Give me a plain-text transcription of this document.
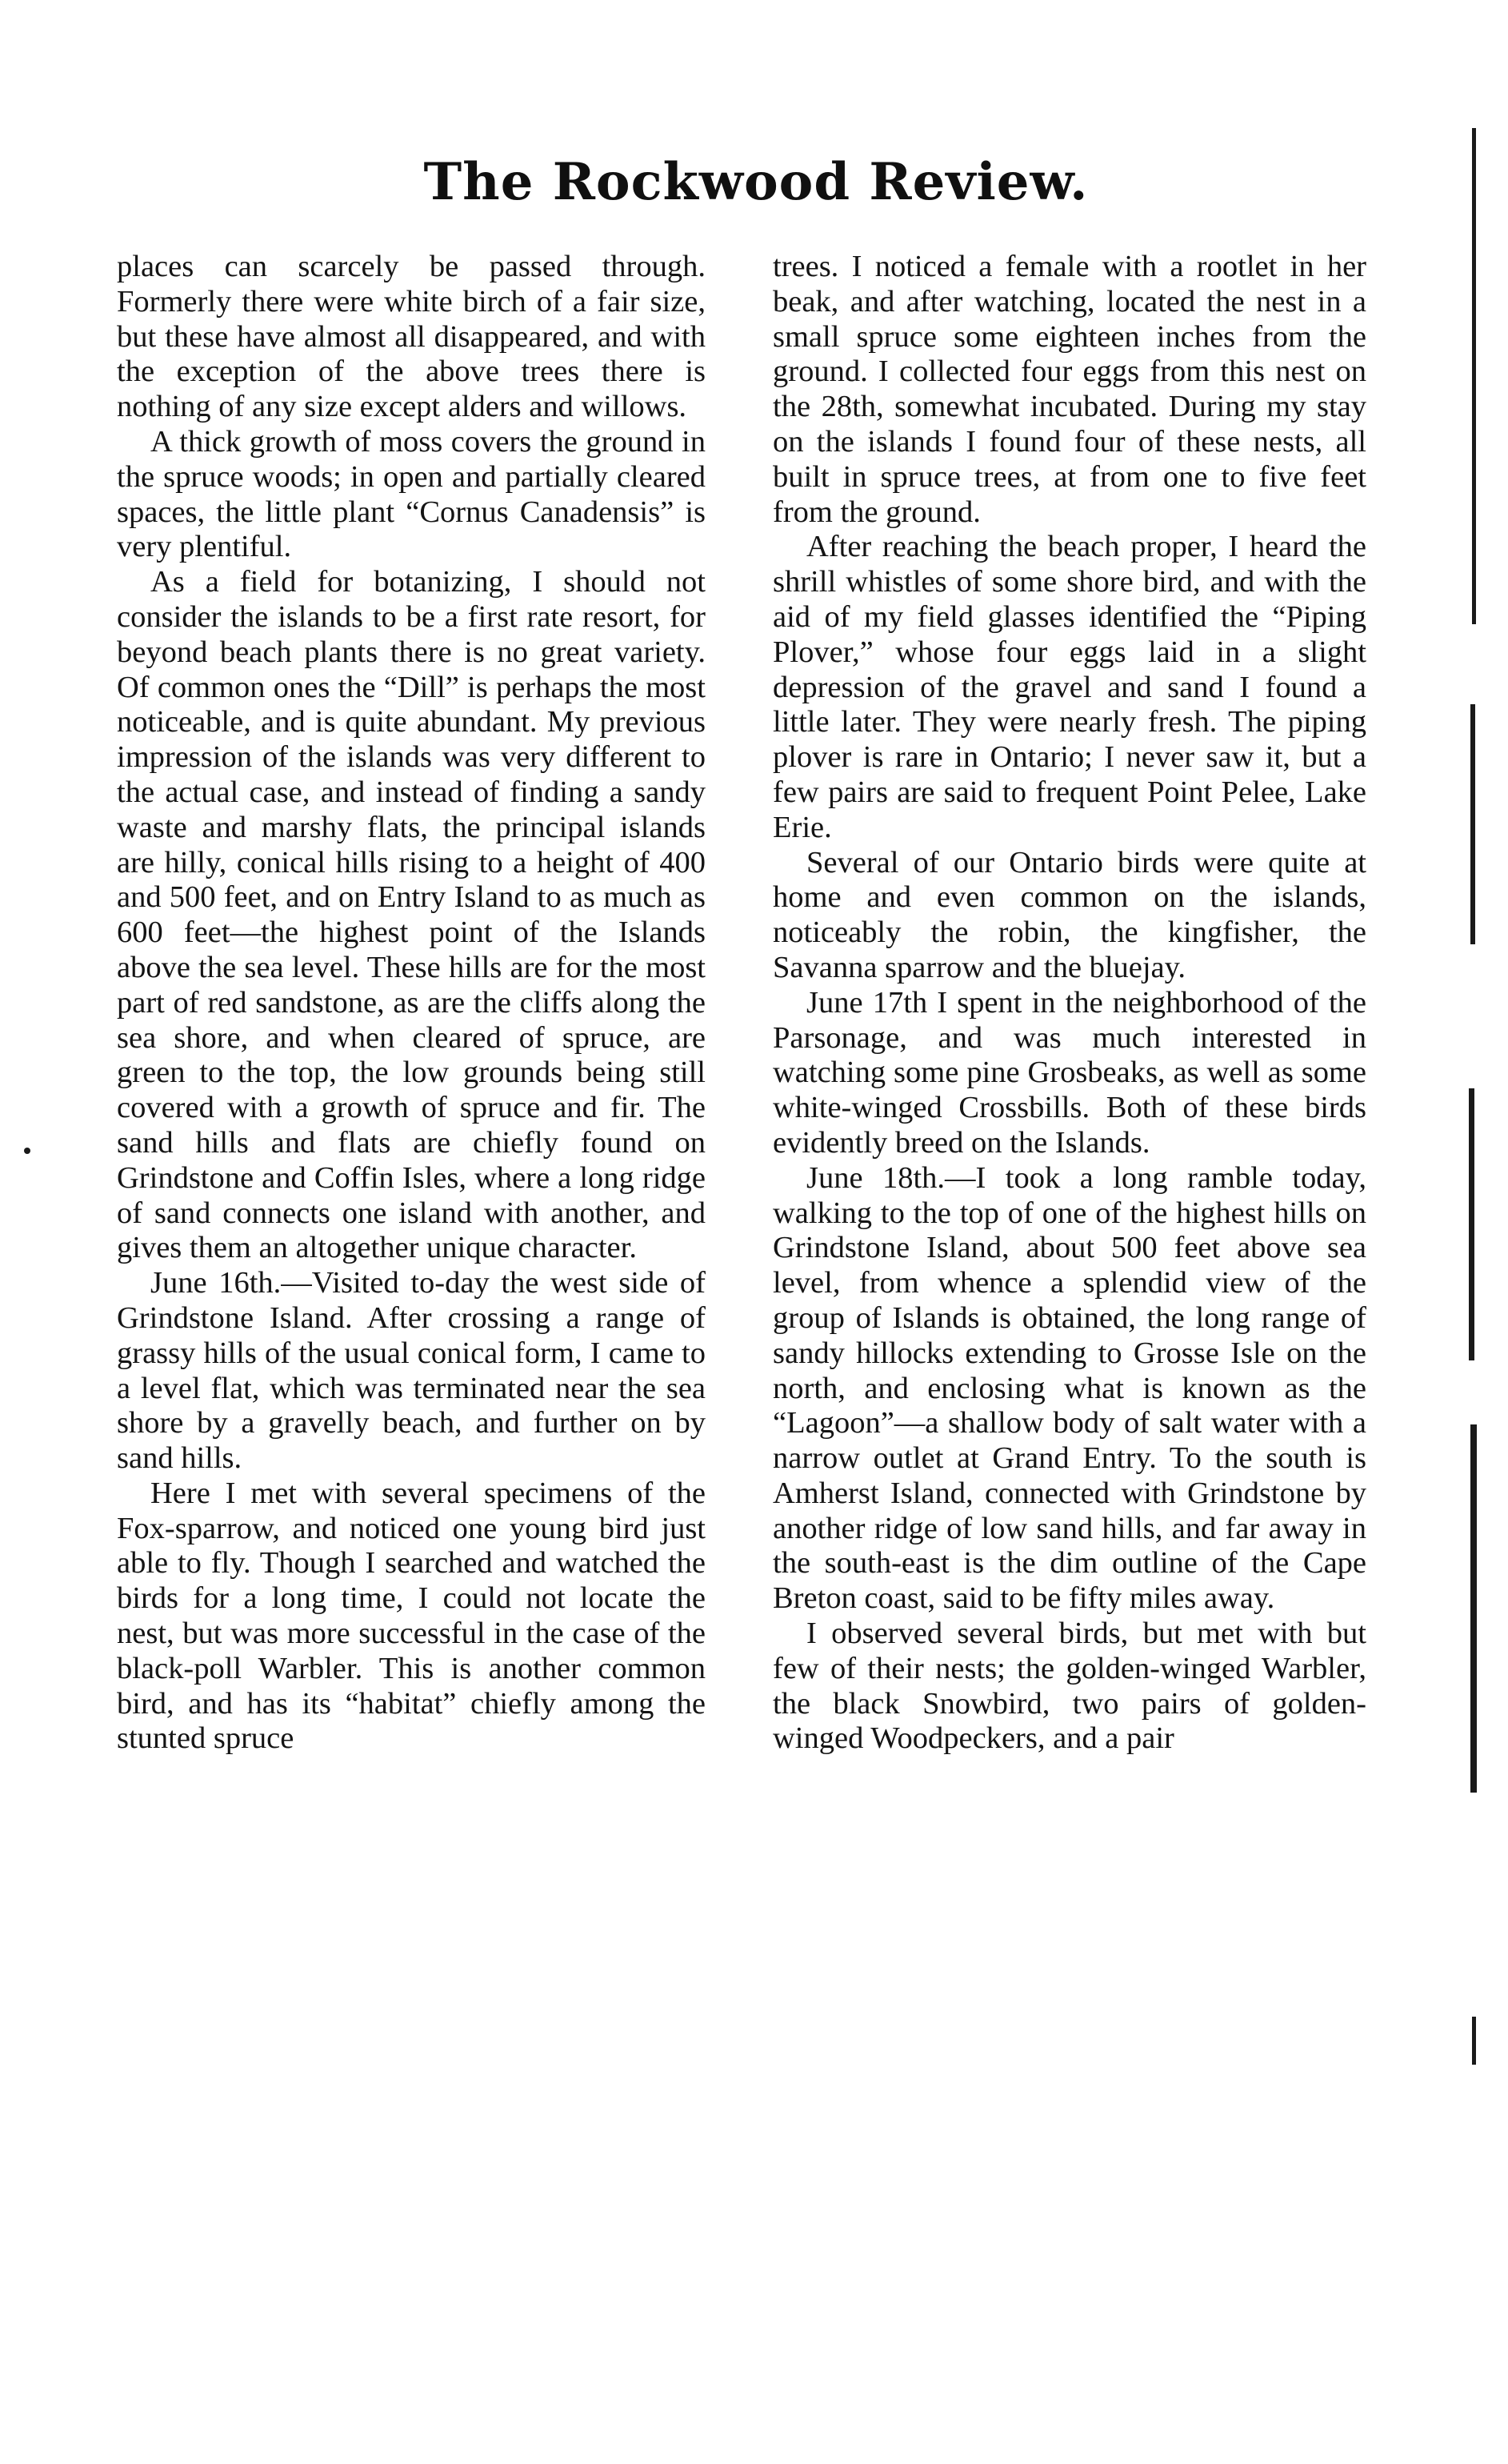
The Rockwood Review.

places can scarcely be passed through. Formerly there were white birch of a fair size, but these have almost all disappeared, and with the exception of the above trees there is nothing of any size except alders and willows.

A thick growth of moss covers the ground in the spruce woods; in open and partially cleared spaces, the little plant “Cornus Canadensis” is very plentiful.

As a field for botanizing, I should not consider the islands to be a first rate resort, for beyond beach plants there is no great variety. Of common ones the “Dill” is perhaps the most noticeable, and is quite abundant. My previous impression of the islands was very different to the actual case, and instead of finding a sandy waste and marshy flats, the principal islands are hilly, conical hills rising to a height of 400 and 500 feet, and on Entry Island to as much as 600 feet—the highest point of the Islands above the sea level. These hills are for the most part of red sandstone, as are the cliffs along the sea shore, and when cleared of spruce, are green to the top, the low grounds being still covered with a growth of spruce and fir. The sand hills and flats are chiefly found on Grindstone and Coffin Isles, where a long ridge of sand connects one island with another, and gives them an altogether unique character.

June 16th.—Visited to-day the west side of Grindstone Island. After crossing a range of grassy hills of the usual conical form, I came to a level flat, which was terminated near the sea shore by a gravelly beach, and further on by sand hills.

Here I met with several specimens of the Fox-sparrow, and noticed one young bird just able to fly. Though I searched and watched the birds for a long time, I could not locate the nest, but was more successful in the case of the black-poll Warbler. This is another common bird, and has its “habitat” chiefly among the stunted spruce

trees. I noticed a female with a rootlet in her beak, and after watching, located the nest in a small spruce some eighteen inches from the ground. I collected four eggs from this nest on the 28th, somewhat incubated. During my stay on the islands I found four of these nests, all built in spruce trees, at from one to five feet from the ground.

After reaching the beach proper, I heard the shrill whistles of some shore bird, and with the aid of my field glasses identified the “Piping Plover,” whose four eggs laid in a slight depression of the gravel and sand I found a little later. They were nearly fresh. The piping plover is rare in Ontario; I never saw it, but a few pairs are said to frequent Point Pelee, Lake Erie.

Several of our Ontario birds were quite at home and even common on the islands, noticeably the robin, the kingfisher, the Savanna sparrow and the bluejay.

June 17th I spent in the neighborhood of the Parsonage, and was much interested in watching some pine Grosbeaks, as well as some white-winged Crossbills. Both of these birds evidently breed on the Islands.

June 18th.—I took a long ramble today, walking to the top of one of the highest hills on Grindstone Island, about 500 feet above sea level, from whence a splendid view of the group of Islands is obtained, the long range of sandy hillocks extending to Grosse Isle on the north, and enclosing what is known as the “Lagoon”—a shallow body of salt water with a narrow outlet at Grand Entry. To the south is Amherst Island, connected with Grindstone by another ridge of low sand hills, and far away in the south-east is the dim outline of the Cape Breton coast, said to be fifty miles away.

I observed several birds, but met with but few of their nests; the golden-winged Warbler, the black Snowbird, two pairs of golden-winged Woodpeckers, and a pair
